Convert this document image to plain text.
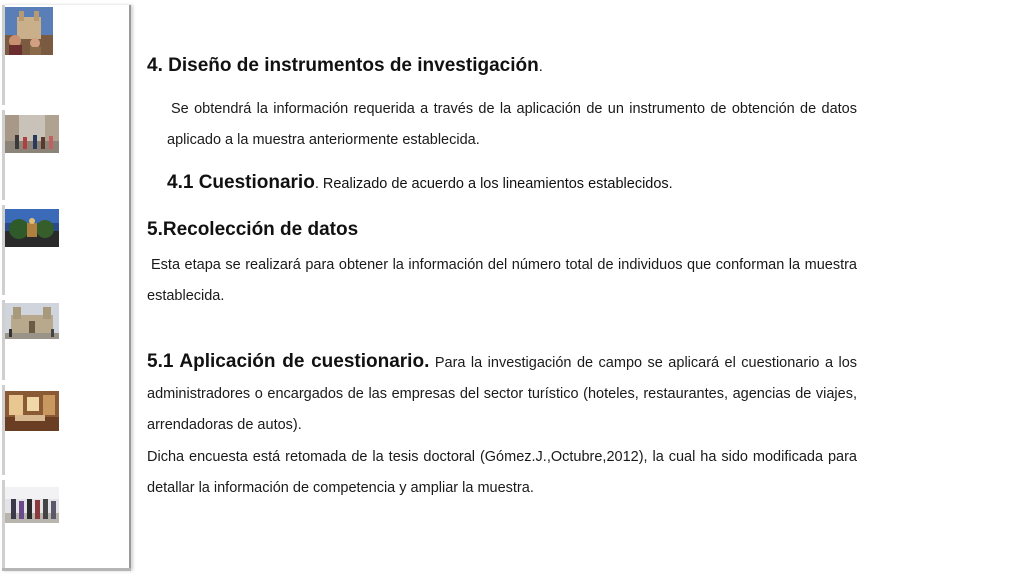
4. Diseño de instrumentos de investigación.
Se obtendrá la información requerida a través de la aplicación de un instrumento de obtención de datos aplicado a la muestra anteriormente establecida.
4.1 Cuestionario. Realizado de acuerdo a los lineamientos establecidos.
5.Recolección de datos
Esta etapa se realizará para obtener la información del número total de individuos que conforman la muestra establecida.
5.1 Aplicación de cuestionario. Para la investigación de campo se aplicará el cuestionario a los administradores o encargados de las empresas del sector turístico (hoteles, restaurantes, agencias de viajes, arrendadoras de autos).
Dicha encuesta está retomada de la tesis doctoral (Gómez.J.,Octubre,2012), la cual ha sido modificada para detallar la información de competencia y ampliar la muestra.
